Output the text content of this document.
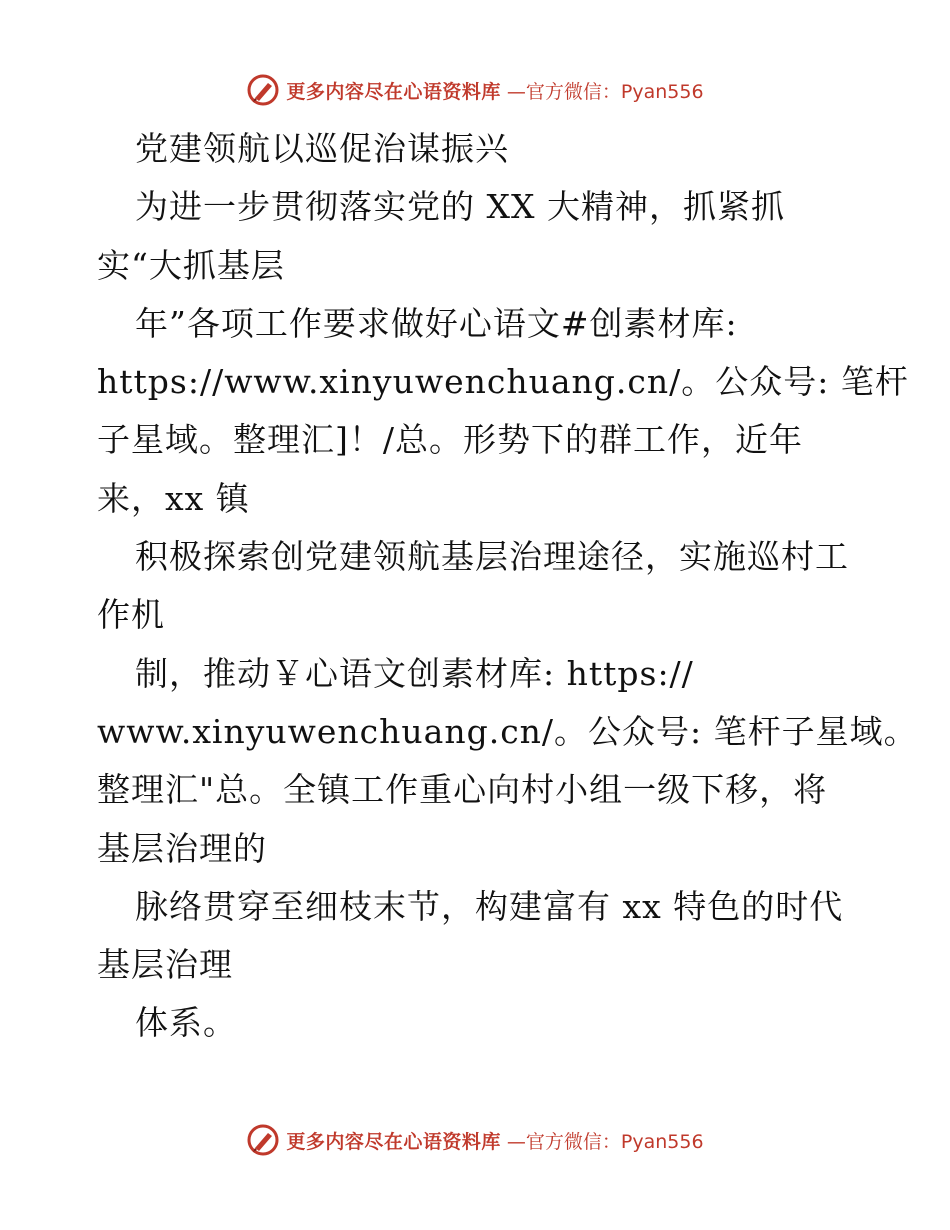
更多内容尽在心语资料库 —官方微信：Pyan556
党建领航以巡促治谋振兴
为进一步贯彻落实党的 XX 大精神，抓紧抓
实“大抓基层
年”各项工作要求做好心语文#创素材库:
https://www.xinyuwenchuang.cn/。公众号: 笔杆
子星域。整理汇]！/总。形势下的群工作，近年
来，xx 镇
积极探索创党建领航基层治理途径，实施巡村工
作机
制，推动￥心语文创素材库: https://
www.xinyuwenchuang.cn/。公众号: 笔杆子星域。
整理汇"总。全镇工作重心向村小组一级下移，将
基层治理的
脉络贯穿至细枝末节，构建富有 xx 特色的时代
基层治理
体系。
更多内容尽在心语资料库 —官方微信：Pyan556
